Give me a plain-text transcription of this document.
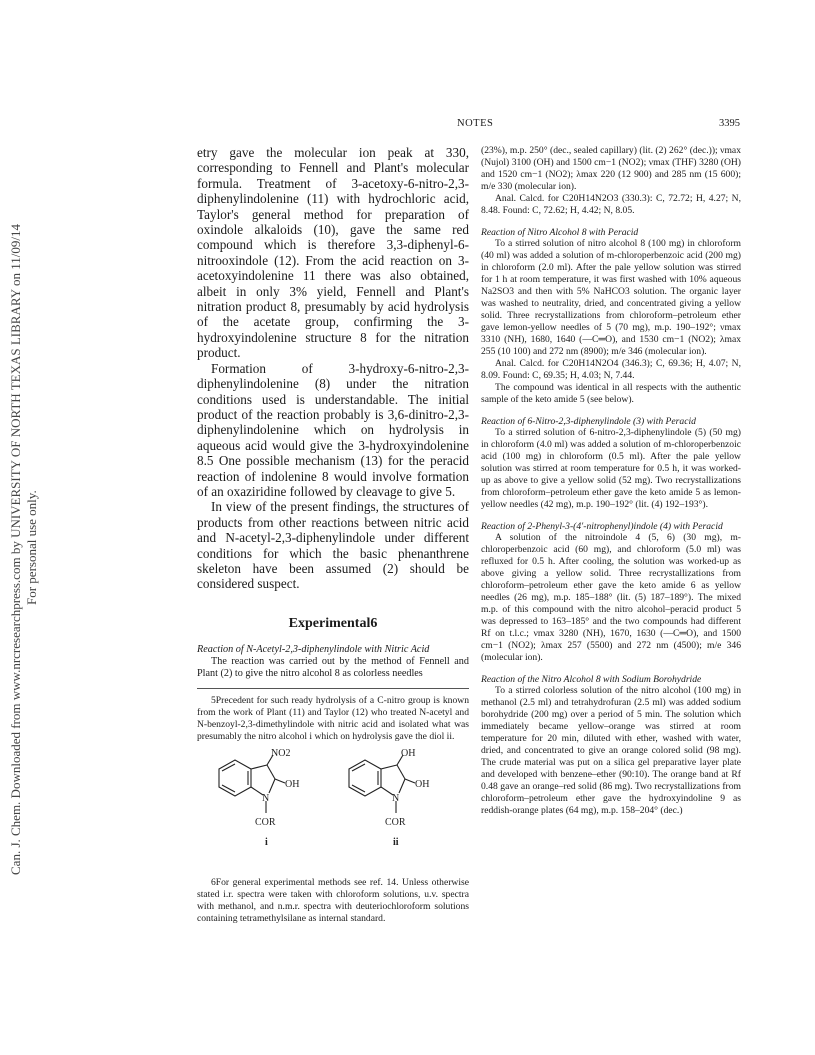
Can. J. Chem. Downloaded from www.nrcresearchpress.com by UNIVERSITY OF NORTH TEXAS LIBRARY on 11/09/14 For personal use only.
NOTES	3395

etry gave the molecular ion peak at 330, corresponding to Fennell and Plant's molecular formula. Treatment of 3-acetoxy-6-nitro-2,3-diphenylindolenine (11) with hydrochloric acid, Taylor's general method for preparation of oxindole alkaloids (10), gave the same red compound which is therefore 3,3-diphenyl-6-nitrooxindole (12). From the acid reaction on 3-acetoxyindolenine 11 there was also obtained, albeit in only 3% yield, Fennell and Plant's nitration product 8, presumably by acid hydrolysis of the acetate group, confirming the 3-hydroxyindolenine structure 8 for the nitration product.

Formation of 3-hydroxy-6-nitro-2,3-diphenylindolenine (8) under the nitration conditions used is understandable. The initial product of the reaction probably is 3,6-dinitro-2,3-diphenylindolenine which on hydrolysis in aqueous acid would give the 3-hydroxyindolenine 8.5 One possible mechanism (13) for the peracid reaction of indolenine 8 would involve formation of an oxaziridine followed by cleavage to give 5.

In view of the present findings, the structures of products from other reactions between nitric acid and N-acetyl-2,3-diphenylindole under different conditions for which the basic phenanthrene skeleton have been assumed (2) should be considered suspect.

Experimental6

Reaction of N-Acetyl-2,3-diphenylindole with Nitric Acid

The reaction was carried out by the method of Fennell and Plant (2) to give the nitro alcohol 8 as colorless needles

5Precedent for such ready hydrolysis of a C-nitro group is known from the work of Plant (11) and Taylor (12) who treated N-acetyl and N-benzoyl-2,3-dimethylindole with nitric acid and isolated what was presumably the nitro alcohol i which on hydrolysis gave the diol ii.

NO2
OH
N
COR
i
OH
OH
N
COR
ii

6For general experimental methods see ref. 14. Unless otherwise stated i.r. spectra were taken with chloroform solutions, u.v. spectra with methanol, and n.m.r. spectra with deuteriochloroform solutions containing tetramethylsilane as internal standard.

(23%), m.p. 250° (dec., sealed capillary) (lit. (2) 262° (dec.)); νmax (Nujol) 3100 (OH) and 1500 cm−1 (NO2); νmax (THF) 3280 (OH) and 1520 cm−1 (NO2); λmax 220 (12 900) and 285 nm (15 600); m/e 330 (molecular ion).

Anal. Calcd. for C20H14N2O3 (330.3): C, 72.72; H, 4.27; N, 8.48. Found: C, 72.62; H, 4.42; N, 8.05.

Reaction of Nitro Alcohol 8 with Peracid

To a stirred solution of nitro alcohol 8 (100 mg) in chloroform (40 ml) was added a solution of m-chloroperbenzoic acid (200 mg) in chloroform (2.0 ml). After the pale yellow solution was stirred for 1 h at room temperature, it was first washed with 10% aqueous Na2SO3 and then with 5% NaHCO3 solution. The organic layer was washed to neutrality, dried, and concentrated giving a yellow solid. Three recrystallizations from chloroform–petroleum ether gave lemon-yellow needles of 5 (70 mg), m.p. 190–192°; νmax 3310 (NH), 1680, 1640 (—C═O), and 1530 cm−1 (NO2); λmax 255 (10 100) and 272 nm (8900); m/e 346 (molecular ion).

Anal. Calcd. for C20H14N2O4 (346.3); C, 69.36; H, 4.07; N, 8.09. Found: C, 69.35; H, 4.03; N, 7.44.

The compound was identical in all respects with the authentic sample of the keto amide 5 (see below).

Reaction of 6-Nitro-2,3-diphenylindole (3) with Peracid

To a stirred solution of 6-nitro-2,3-diphenylindole (5) (50 mg) in chloroform (4.0 ml) was added a solution of m-chloroperbenzoic acid (100 mg) in chloroform (0.5 ml). After the pale yellow solution was stirred at room temperature for 0.5 h, it was worked-up as above to give a yellow solid (52 mg). Two recrystallizations from chloroform–petroleum ether gave the keto amide 5 as lemon-yellow needles (42 mg), m.p. 190–192° (lit. (4) 192–193°).

Reaction of 2-Phenyl-3-(4′-nitrophenyl)indole (4) with Peracid

A solution of the nitroindole 4 (5, 6) (30 mg), m-chloroperbenzoic acid (60 mg), and chloroform (5.0 ml) was refluxed for 0.5 h. After cooling, the solution was worked-up as above giving a yellow solid. Three recrystallizations from chloroform–petroleum ether gave the keto amide 6 as yellow needles (26 mg), m.p. 185–188° (lit. (5) 187–189°). The mixed m.p. of this compound with the nitro alcohol–peracid product 5 was depressed to 163–185° and the two compounds had different Rf on t.l.c.; νmax 3280 (NH), 1670, 1630 (—C═O), and 1500 cm−1 (NO2); λmax 257 (5500) and 272 nm (4500); m/e 346 (molecular ion).

Reaction of the Nitro Alcohol 8 with Sodium Borohydride

To a stirred colorless solution of the nitro alcohol (100 mg) in methanol (2.5 ml) and tetrahydrofuran (2.5 ml) was added sodium borohydride (200 mg) over a period of 5 min. The solution which immediately became yellow–orange was stirred at room temperature for 20 min, diluted with ether, washed with water, dried, and concentrated to give an orange colored solid (98 mg). The crude material was put on a silica gel preparative layer plate and developed with benzene–ether (90:10). The orange band at Rf 0.48 gave an orange–red solid (86 mg). Two recrystallizations from chloroform–petroleum ether gave the hydroxyindoline 9 as reddish-orange plates (64 mg), m.p. 158–204° (dec.)
